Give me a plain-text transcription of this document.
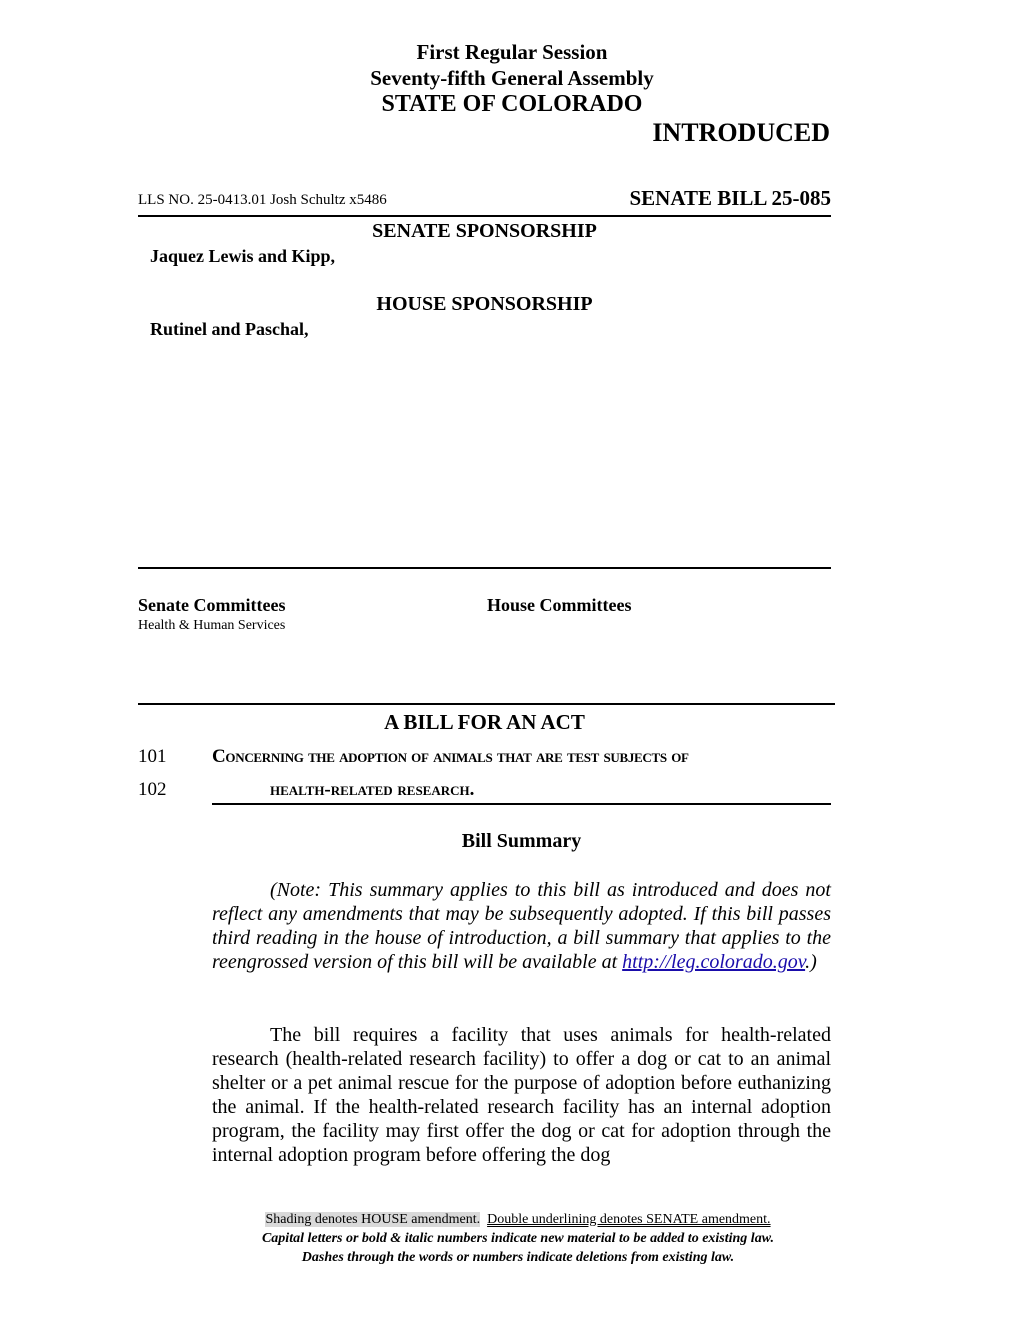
First Regular Session
Seventy-fifth General Assembly
STATE OF COLORADO
INTRODUCED
LLS NO. 25-0413.01 Josh Schultz x5486	SENATE BILL 25-085
SENATE SPONSORSHIP
Jaquez Lewis and Kipp,
HOUSE SPONSORSHIP
Rutinel and Paschal,
Senate Committees
Health & Human Services
House Committees
A BILL FOR AN ACT
101 Concerning the adoption of animals that are test subjects of
102	health-related research.
Bill Summary
(Note: This summary applies to this bill as introduced and does not reflect any amendments that may be subsequently adopted. If this bill passes third reading in the house of introduction, a bill summary that applies to the reengrossed version of this bill will be available at http://leg.colorado.gov.)
The bill requires a facility that uses animals for health-related research (health-related research facility) to offer a dog or cat to an animal shelter or a pet animal rescue for the purpose of adoption before euthanizing the animal. If the health-related research facility has an internal adoption program, the facility may first offer the dog or cat for adoption through the internal adoption program before offering the dog
Shading denotes HOUSE amendment. Double underlining denotes SENATE amendment.
Capital letters or bold & italic numbers indicate new material to be added to existing law.
Dashes through the words or numbers indicate deletions from existing law.
